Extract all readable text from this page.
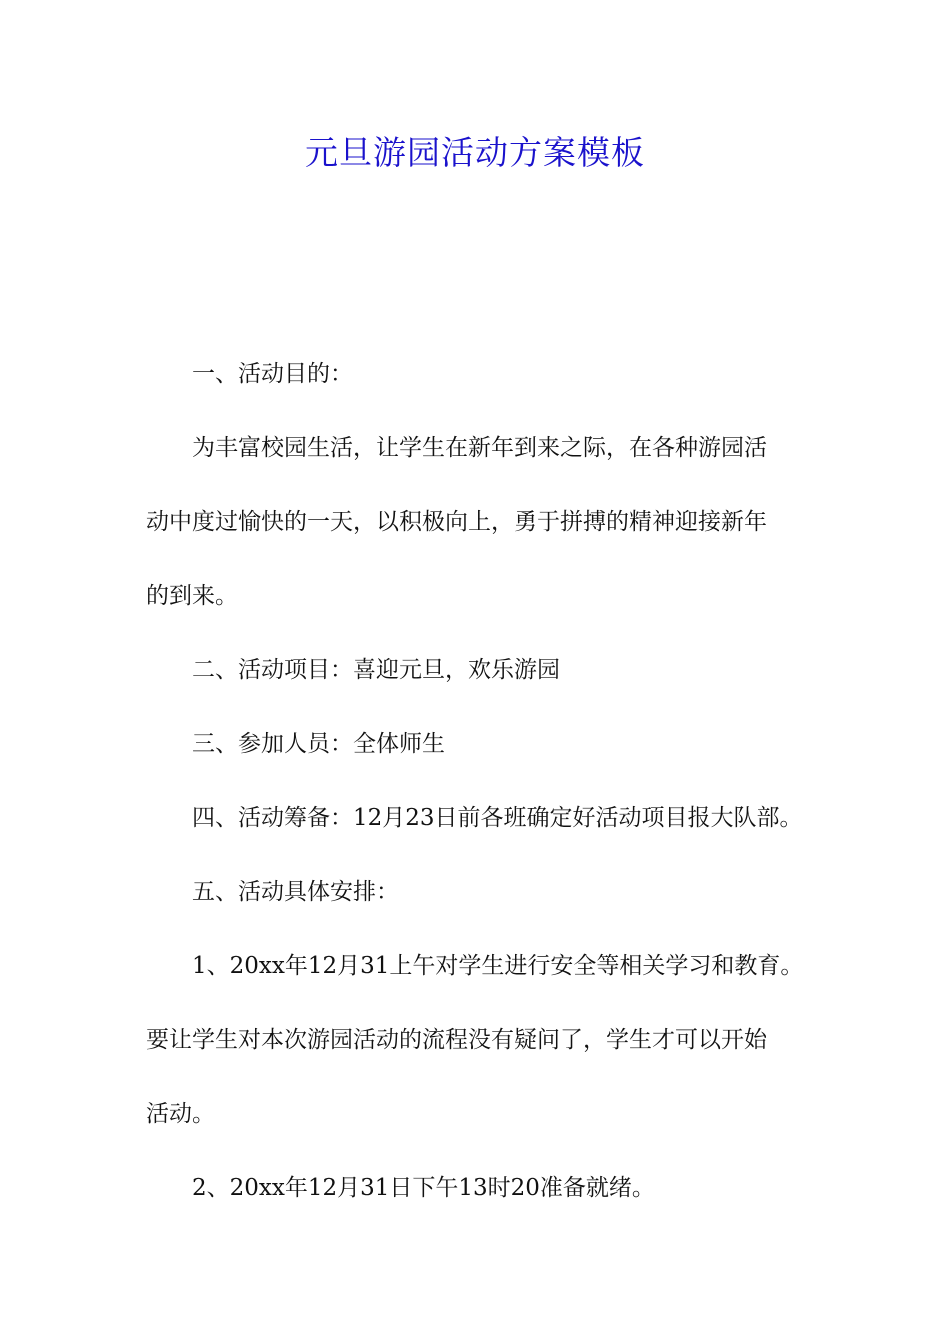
元旦游园活动方案模板

一、活动目的：

为丰富校园生活，让学生在新年到来之际，在各种游园活

动中度过愉快的一天，以积极向上，勇于拼搏的精神迎接新年

的到来。

二、活动项目：喜迎元旦，欢乐游园

三、参加人员：全体师生

四、活动筹备：12月23日前各班确定好活动项目报大队部。

五、活动具体安排：

1、20xx年12月31上午对学生进行安全等相关学习和教育。

要让学生对本次游园活动的流程没有疑问了，学生才可以开始

活动。

2、20xx年12月31日下午13时20准备就绪。
